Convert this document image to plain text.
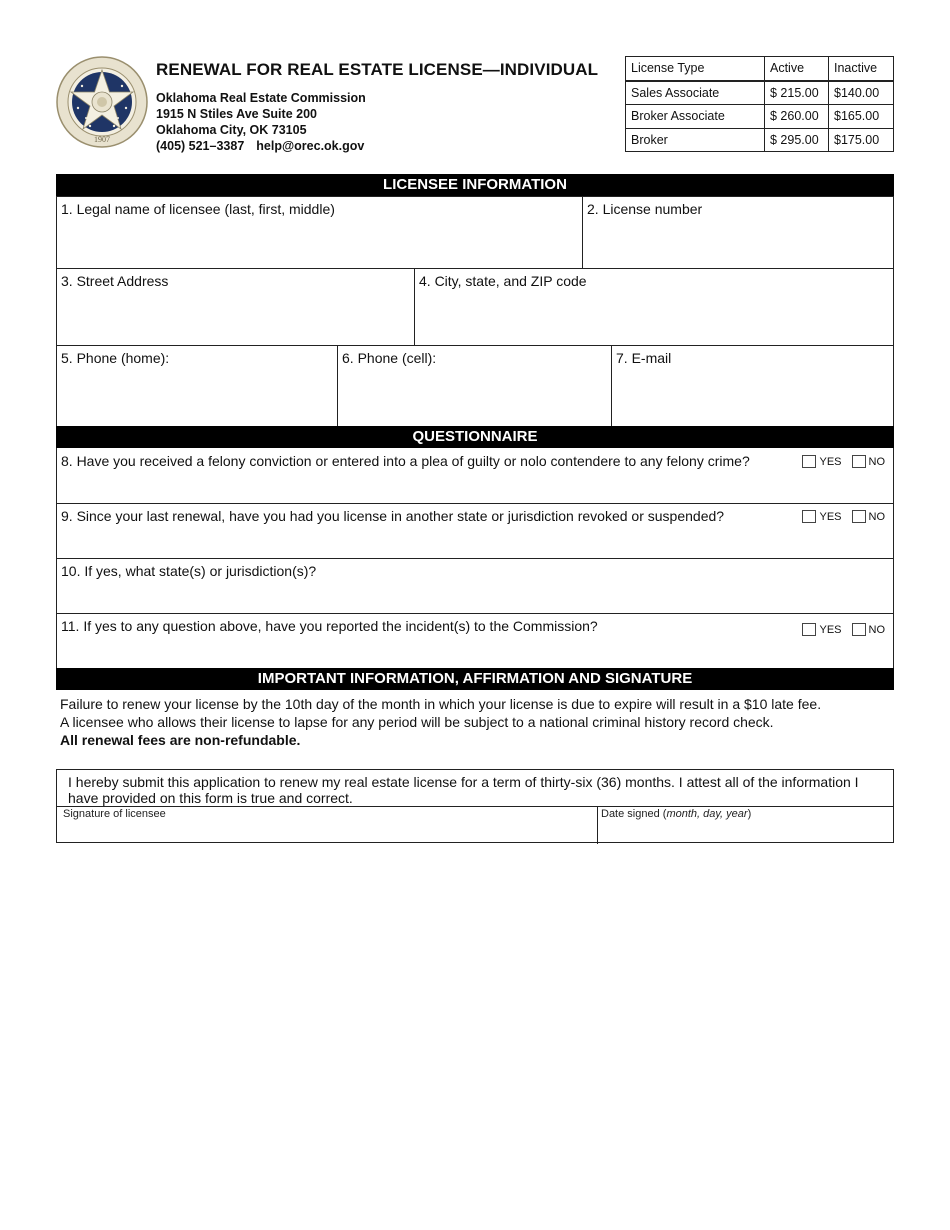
1907
RENEWAL FOR REAL ESTATE LICENSE—INDIVIDUAL
Oklahoma Real Estate Commission
1915 N Stiles Ave Suite 200
Oklahoma City, OK 73105
(405) 521–3387 help@orec.ok.gov
License Type	Active	Inactive
Sales Associate	$ 215.00	$140.00
Broker Associate	$ 260.00	$165.00
Broker	$ 295.00	$175.00
LICENSEE INFORMATION
1. Legal name of licensee (last, first, middle)	2. License number
3. Street Address	4. City, state, and ZIP code
5. Phone (home):	6. Phone (cell):	7. E-mail
QUESTIONNAIRE
8. Have you received a felony conviction or entered into a plea of guilty or nolo contendere to any felony crime?	YES NO
9. Since your last renewal, have you had you license in another state or jurisdiction revoked or suspended?	YES NO
10. If yes, what state(s) or jurisdiction(s)?
11. If yes to any question above, have you reported the incident(s) to the Commission?	YES NO
IMPORTANT INFORMATION, AFFIRMATION AND SIGNATURE
Failure to renew your license by the 10th day of the month in which your license is due to expire will result in a $10 late fee.
A licensee who allows their license to lapse for any period will be subject to a national criminal history record check.
All renewal fees are non-refundable.
I hereby submit this application to renew my real estate license for a term of thirty-six (36) months. I attest all of the information I have provided on this form is true and correct.
Signature of licensee	Date signed (month, day, year)
